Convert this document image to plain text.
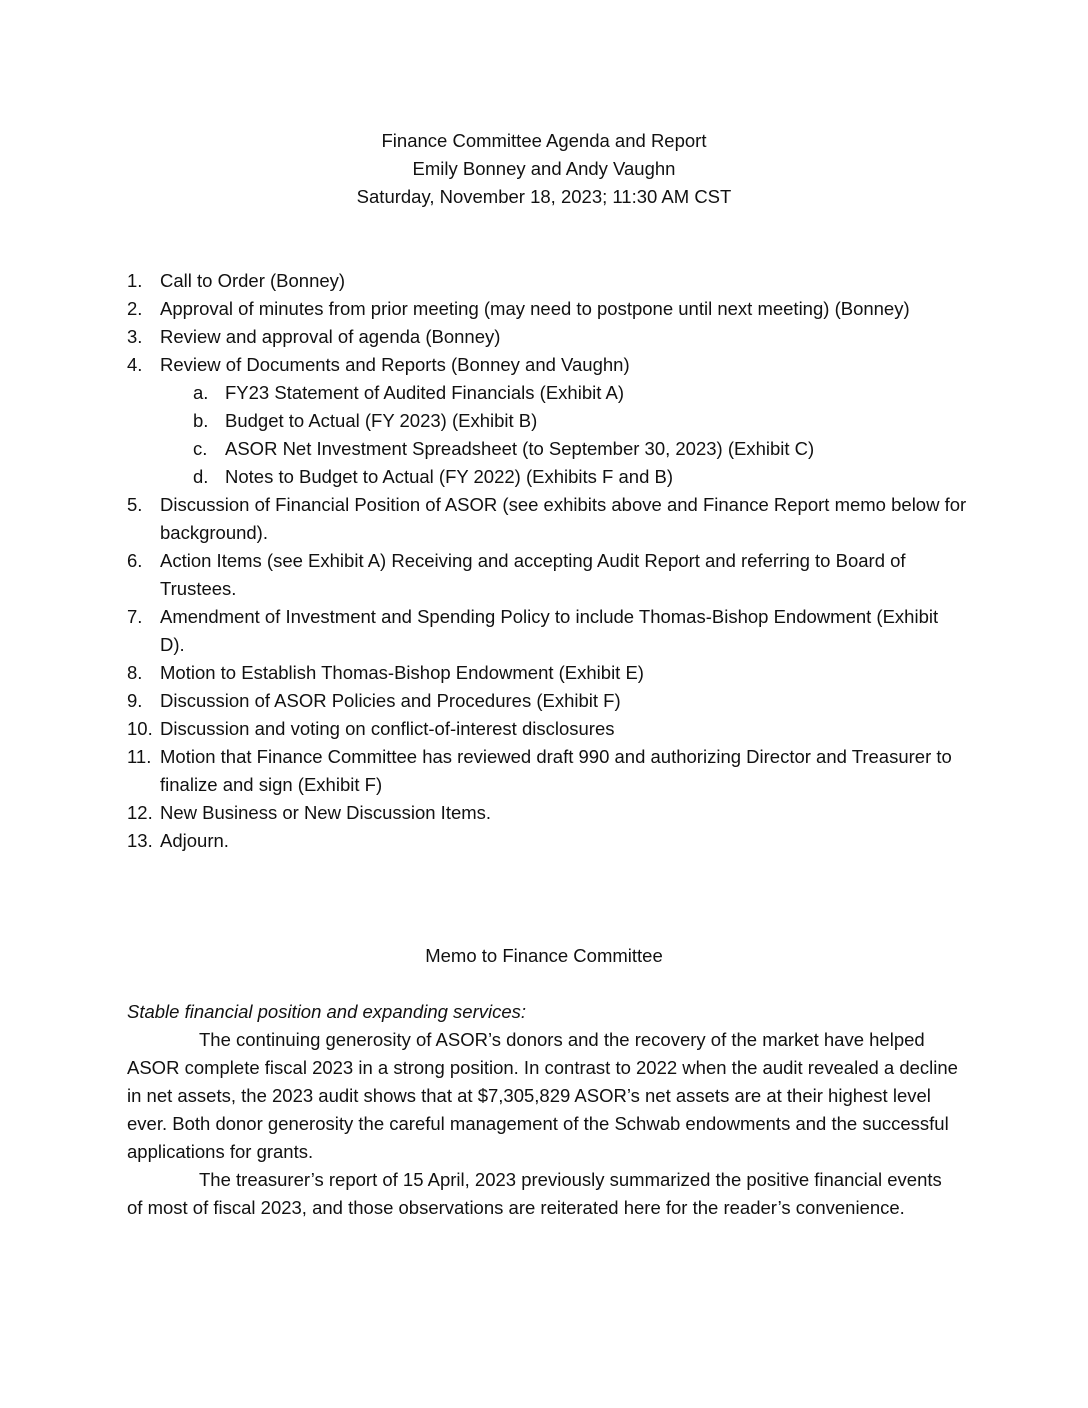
Finance Committee Agenda and Report
Emily Bonney and Andy Vaughn
Saturday, November 18, 2023; 11:30 AM CST
1. Call to Order (Bonney)
2. Approval of minutes from prior meeting (may need to postpone until next meeting) (Bonney)
3. Review and approval of agenda (Bonney)
4. Review of Documents and Reports (Bonney and Vaughn)
a. FY23 Statement of Audited Financials (Exhibit A)
b. Budget to Actual (FY 2023) (Exhibit B)
c. ASOR Net Investment Spreadsheet (to September 30, 2023) (Exhibit C)
d. Notes to Budget to Actual (FY 2022) (Exhibits F and B)
5. Discussion of Financial Position of ASOR (see exhibits above and Finance Report memo below for background).
6. Action Items (see Exhibit A) Receiving and accepting Audit Report and referring to Board of Trustees.
7. Amendment of Investment and Spending Policy to include Thomas-Bishop Endowment (Exhibit D).
8. Motion to Establish Thomas-Bishop Endowment (Exhibit E)
9. Discussion of ASOR Policies and Procedures (Exhibit F)
10. Discussion and voting on conflict-of-interest disclosures
11. Motion that Finance Committee has reviewed draft 990 and authorizing Director and Treasurer to finalize and sign (Exhibit F)
12. New Business or New Discussion Items.
13. Adjourn.
Memo to Finance Committee
Stable financial position and expanding services:

The continuing generosity of ASOR’s donors and the recovery of the market have helped ASOR complete fiscal 2023 in a strong position. In contrast to 2022 when the audit revealed a decline in net assets, the 2023 audit shows that at $7,305,829 ASOR’s net assets are at their highest level ever. Both donor generosity the careful management of the Schwab endowments and the successful applications for grants.

The treasurer’s report of 15 April, 2023 previously summarized the positive financial events of most of fiscal 2023, and those observations are reiterated here for the reader’s convenience.
